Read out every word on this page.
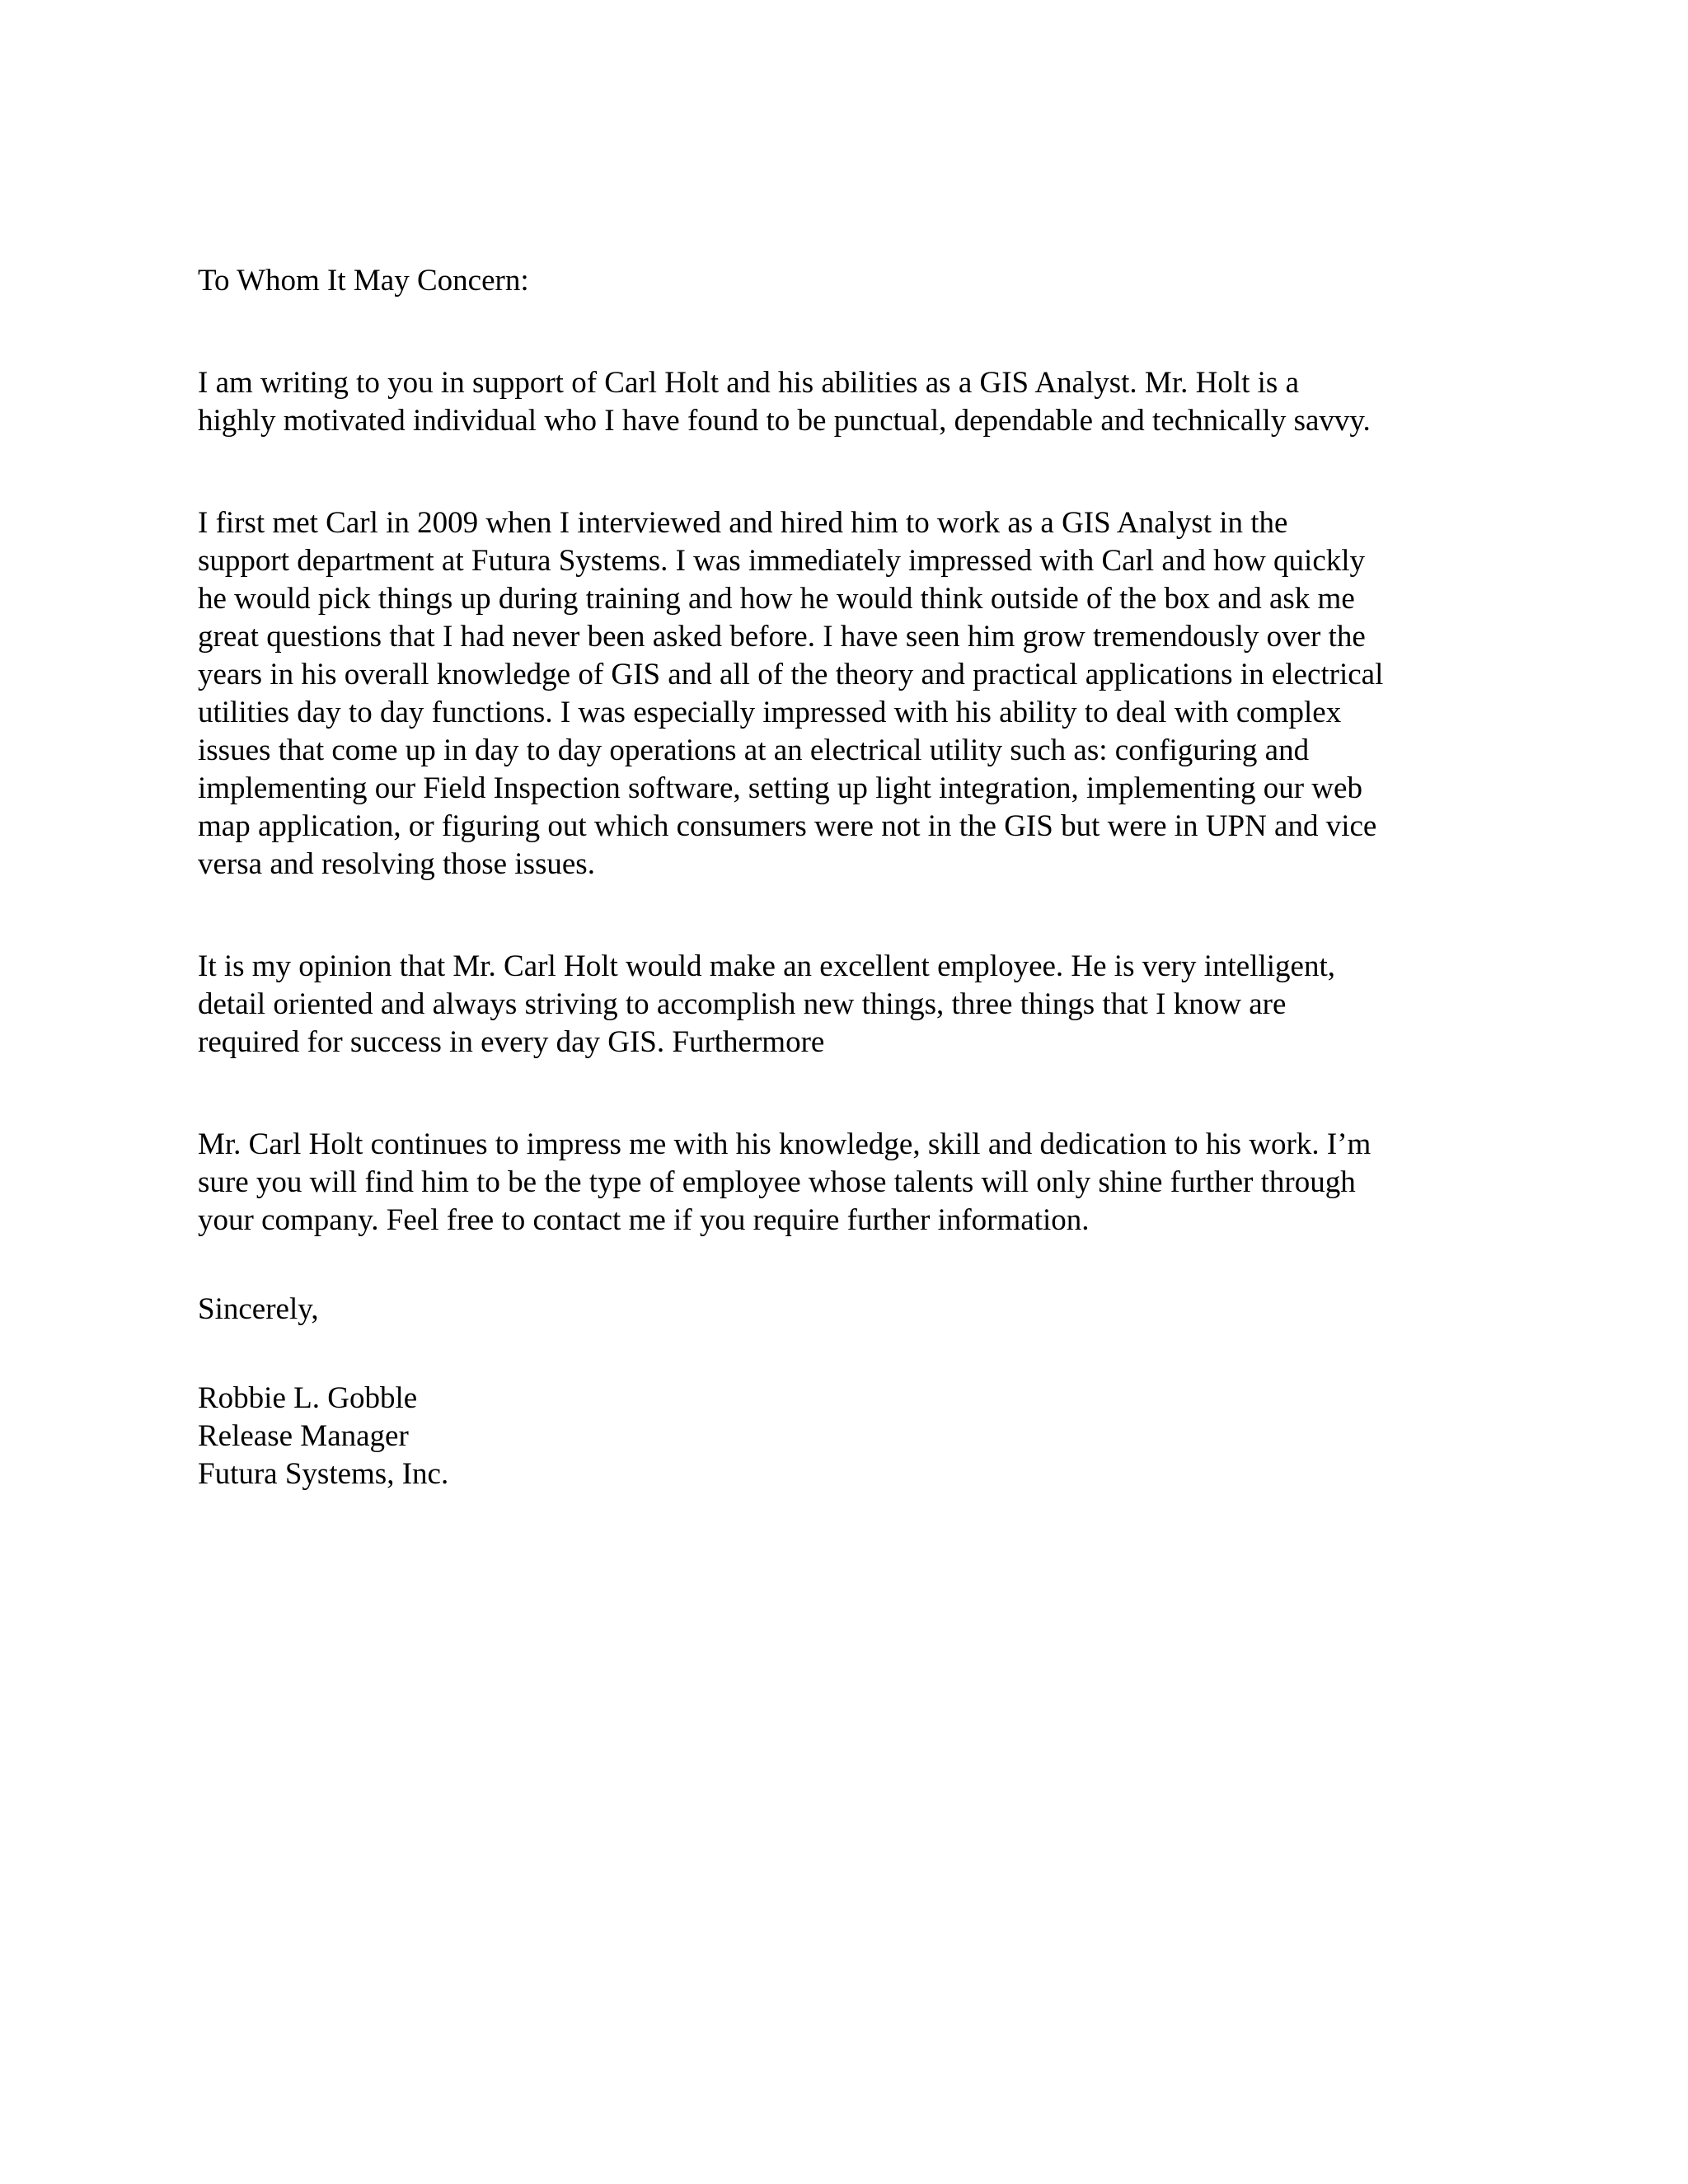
To Whom It May Concern:

I am writing to you in support of Carl Holt and his abilities as a GIS Analyst. Mr. Holt is a
highly motivated individual who I have found to be punctual, dependable and technically savvy.

I first met Carl in 2009 when I interviewed and hired him to work as a GIS Analyst in the
support department at Futura Systems. I was immediately impressed with Carl and how quickly
he would pick things up during training and how he would think outside of the box and ask me
great questions that I had never been asked before. I have seen him grow tremendously over the
years in his overall knowledge of GIS and all of the theory and practical applications in electrical
utilities day to day functions. I was especially impressed with his ability to deal with complex
issues that come up in day to day operations at an electrical utility such as: configuring and
implementing our Field Inspection software, setting up light integration, implementing our web
map application, or figuring out which consumers were not in the GIS but were in UPN and vice
versa and resolving those issues.

It is my opinion that Mr. Carl Holt would make an excellent employee. He is very intelligent,
detail oriented and always striving to accomplish new things, three things that I know are
required for success in every day GIS. Furthermore

Mr. Carl Holt continues to impress me with his knowledge, skill and dedication to his work. I’m
sure you will find him to be the type of employee whose talents will only shine further through
your company. Feel free to contact me if you require further information.

Sincerely,

Robbie L. Gobble
Release Manager
Futura Systems, Inc.
